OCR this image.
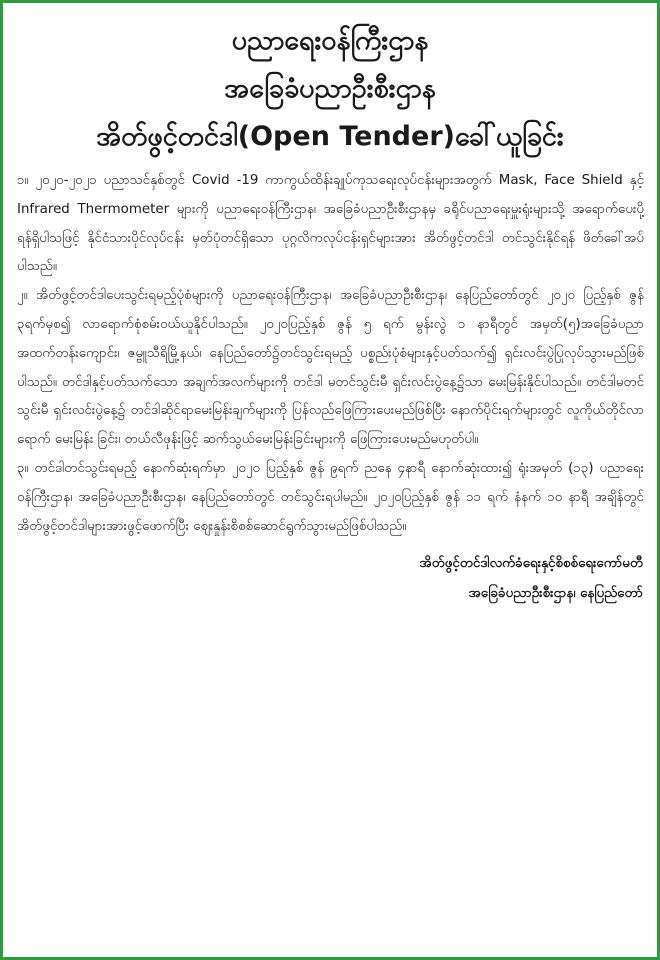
ပညာရေးဝန်ကြီးဌာန
အခြေခံပညာဦးစီးဌာန
အိတ်ဖွင့်တင်ဒါ(Open Tender)ခေါ်ယူခြင်း

၁။ ၂၀၂၀-၂၀၂၁ ပညာသင်နှစ်တွင် Covid -19 ကာကွယ်ထိန်းချုပ်ကုသရေးလုပ်ငန်းများအတွက် Mask, Face Shield နှင့် Infrared Thermometer များကို ပညာရေးဝန်ကြီးဌာန၊ အခြေခံပညာဦးစီးဌာနမှ ခရိုင်ပညာရေးမှူးရုံးများသို့ အရောက်ပေးပို့ရန်ရှိပါသဖြင့် နိုင်ငံသားပိုင်လုပ်ငန်း မှတ်ပုံတင်ရှိသော ပုဂ္ဂလိကလုပ်ငန်းရှင်များအား အိတ်ဖွင့်တင်ဒါ တင်သွင်းနိုင်ရန် ဖိတ်ခေါ်အပ်ပါသည်။

၂။ အိတ်ဖွင့်တင်ဒါပေးသွင်းရမည့်ပုံစံများကို ပညာရေးဝန်ကြီးဌာန၊ အခြေခံပညာဦးစီးဌာန၊ နေပြည်တော်တွင် ၂၀၂၀ ပြည့်နှစ် ဇွန် ၃ရက်မှစ၍ လာရောက်စုံစမ်းဝယ်ယူနိုင်ပါသည်။ ၂၀၂၀ပြည့်နှစ် ဇွန် ၅ ရက် မွန်းလွဲ ၁ နာရီတွင် အမှတ်(၅)အခြေခံပညာအထက်တန်းကျောင်း၊ ဇမ္ဗူသီရိမြို့နယ်၊ နေပြည်တော်၌တင်သွင်းရမည့် ပစ္စည်းပုံစံများနှင့်ပတ်သက်၍ ရှင်းလင်းပွဲပြုလုပ်သွားမည်ဖြစ်ပါသည်။ တင်ဒါနှင့်ပတ်သက်သော အချက်အလက်များကို တင်ဒါ မတင်သွင်းမီ ရှင်းလင်းပွဲနေ့၌သာ မေးမြန်းနိုင်ပါသည်။ တင်ဒါမတင်သွင်းမီ ရှင်းလင်းပွဲနေ့၌ တင်ဒါဆိုင်ရာမေးမြန်းချက်များကို ပြန်လည်ဖြေကြားပေးမည်ဖြစ်ပြီး နောက်ပိုင်းရက်များတွင် လူကိုယ်တိုင်လာရောက် မေးမြန်း ခြင်း၊ တယ်လီဖုန်းဖြင့် ဆက်သွယ်မေးမြန်းခြင်းများကို ဖြေကြားပေးမည်မဟုတ်ပါ။

၃။ တင်ဒါတင်သွင်းရမည့် နောက်ဆုံးရက်မှာ ၂၀၂၀ ပြည့်နှစ် ဇွန် ၉ရက် ညနေ ၄နာရီ နောက်ဆုံးထား၍ ရုံးအမှတ် (၁၃) ပညာရေးဝန်ကြီးဌာန၊ အခြေခံပညာဦးစီးဌာန၊ နေပြည်တော်တွင် တင်သွင်းရပါမည်။ ၂၀၂၀ပြည့်နှစ် ဇွန် ၁၁ ရက် နံနက် ၁၀ နာရီ အချိန်တွင် အိတ်ဖွင့်တင်ဒါများအားဖွင့်ဖောက်ပြီး ဈေးနှုန်းစိစစ်ဆောင်ရွက်သွားမည်ဖြစ်ပါသည်။

အိတ်ဖွင့်တင်ဒါလက်ခံရေးနှင့်စိစစ်ရေးကော်မတီ
အခြေခံပညာဦးစီးဌာန၊ နေပြည်တော်
